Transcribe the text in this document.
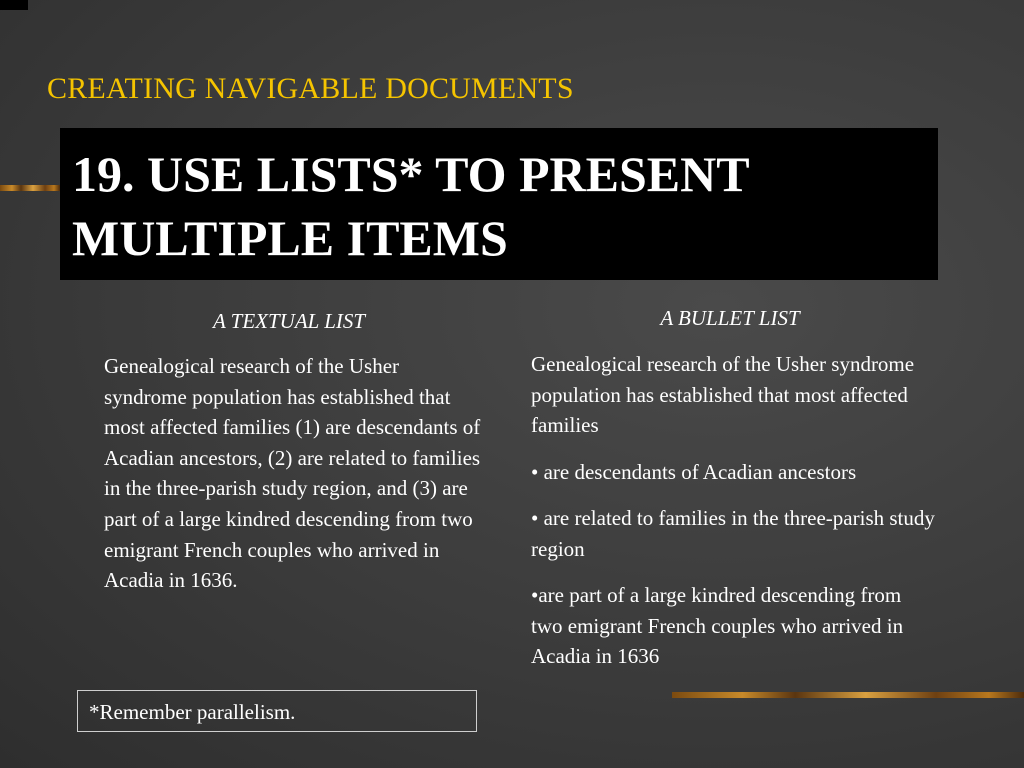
CREATING NAVIGABLE DOCUMENTS
19. USE LISTS* TO PRESENT
MULTIPLE ITEMS
A TEXTUAL LIST
Genealogical research of the Usher syndrome population has established that most affected families (1) are descendants of Acadian ancestors, (2) are related to families in the three-parish study region, and (3) are part of a large kindred descending from two emigrant French couples who arrived in Acadia in 1636.
A BULLET LIST

Genealogical research of the Usher syndrome population has established that most affected families

• are descendants of Acadian ancestors

• are related to families in the three-parish study region

•are part of a large kindred descending from two emigrant French couples who arrived in Acadia in 1636

*Remember parallelism.
